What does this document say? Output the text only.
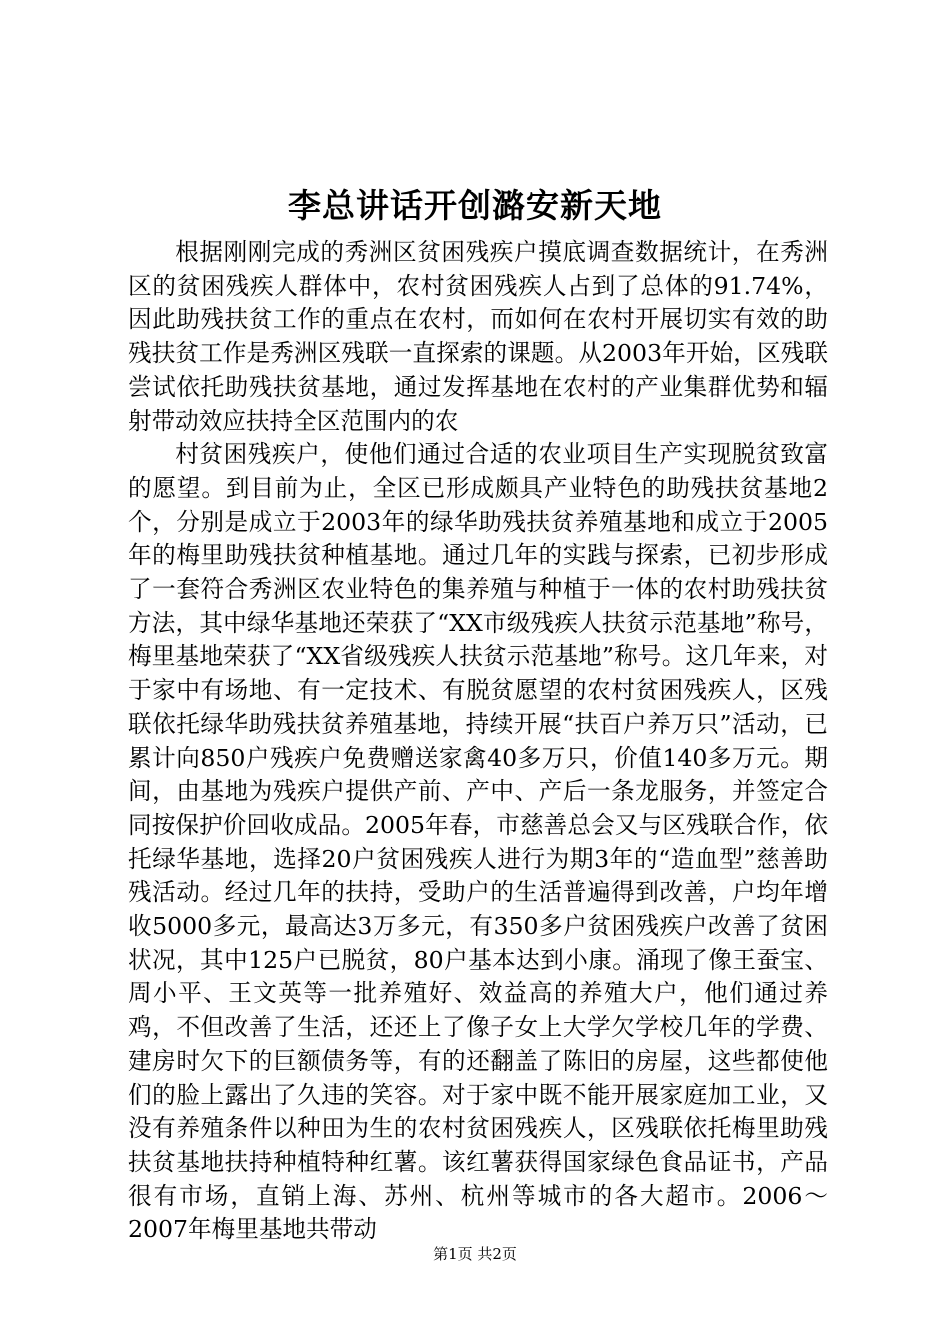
李总讲话开创潞安新天地

根据刚刚完成的秀洲区贫困残疾户摸底调查数据统计，在秀洲区的贫困残疾人群体中，农村贫困残疾人占到了总体的91.74%，因此助残扶贫工作的重点在农村，而如何在农村开展切实有效的助残扶贫工作是秀洲区残联一直探索的课题。从2003年开始，区残联尝试依托助残扶贫基地，通过发挥基地在农村的产业集群优势和辐射带动效应扶持全区范围内的农

村贫困残疾户，使他们通过合适的农业项目生产实现脱贫致富的愿望。到目前为止，全区已形成颇具产业特色的助残扶贫基地2个，分别是成立于2003年的绿华助残扶贫养殖基地和成立于2005年的梅里助残扶贫种植基地。通过几年的实践与探索，已初步形成了一套符合秀洲区农业特色的集养殖与种植于一体的农村助残扶贫方法，其中绿华基地还荣获了“XX市级残疾人扶贫示范基地”称号，梅里基地荣获了“XX省级残疾人扶贫示范基地”称号。这几年来，对于家中有场地、有一定技术、有脱贫愿望的农村贫困残疾人，区残联依托绿华助残扶贫养殖基地，持续开展“扶百户养万只”活动，已累计向850户残疾户免费赠送家禽40多万只，价值140多万元。期间，由基地为残疾户提供产前、产中、产后一条龙服务，并签定合同按保护价回收成品。2005年春，市慈善总会又与区残联合作，依托绿华基地，选择20户贫困残疾人进行为期3年的“造血型”慈善助残活动。经过几年的扶持，受助户的生活普遍得到改善，户均年增收5000多元，最高达3万多元，有350多户贫困残疾户改善了贫困状况，其中125户已脱贫，80户基本达到小康。涌现了像王蚕宝、周小平、王文英等一批养殖好、效益高的养殖大户，他们通过养鸡，不但改善了生活，还还上了像子女上大学欠学校几年的学费、建房时欠下的巨额债务等，有的还翻盖了陈旧的房屋，这些都使他们的脸上露出了久违的笑容。对于家中既不能开展家庭加工业，又没有养殖条件以种田为生的农村贫困残疾人，区残联依托梅里助残扶贫基地扶持种植特种红薯。该红薯获得国家绿色食品证书，产品很有市场，直销上海、苏州、杭州等城市的各大超市。2006～2007年梅里基地共带动

第1页 共2页
